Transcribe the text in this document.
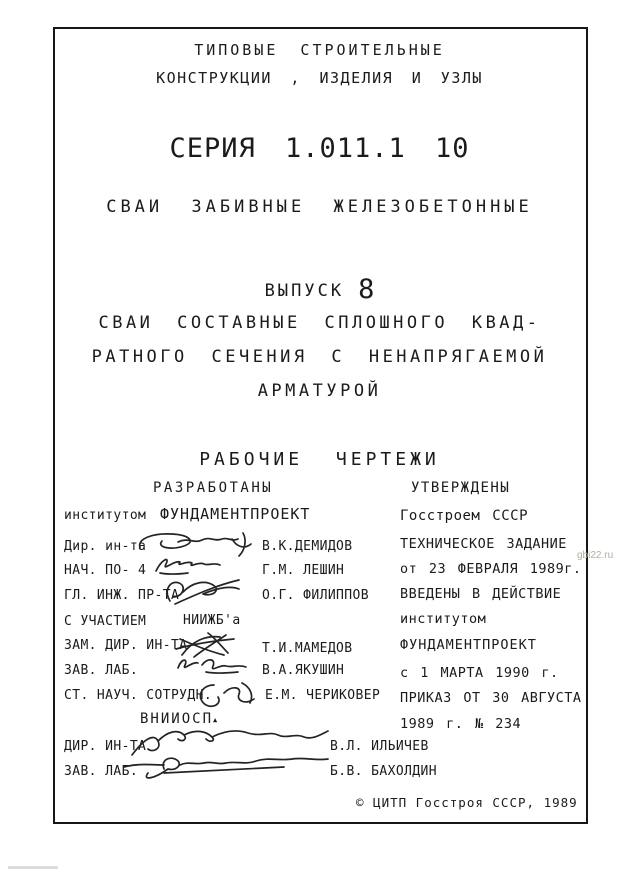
ТИПОВЫЕ СТРОИТЕЛЬНЫЕ
КОНСТРУКЦИИ , ИЗДЕЛИЯ И УЗЛЫ
СЕРИЯ 1.011.1 10
СВАИ ЗАБИВНЫЕ ЖЕЛЕЗОБЕТОННЫЕ
ВЫПУСК 8
СВАИ СОСТАВНЫЕ СПЛОШНОГО КВАД-
РАТНОГО СЕЧЕНИЯ С НЕНАПРЯГАЕМОЙ
АРМАТУРОЙ
РАБОЧИЕ ЧЕРТЕЖИ
РАЗРАБОТАНЫ	УТВЕРЖДЕНЫ
институтом ФУНДАМЕНТПРОЕКТ
Дир. ин-та	В.К.ДЕМИДОВ
НАЧ. ПО- 4	Г.М. ЛЕШИН
ГЛ. ИНЖ. ПР-ТА	О.Г. ФИЛИППОВ
С УЧАСТИЕМ	НИИЖБ'а
ЗАМ. ДИР. ИН-ТА	Т.И.МАМЕДОВ
ЗАВ. ЛАБ.	В.А.ЯКУШИН
СТ. НАУЧ. СОТРУДН.	Е.М. ЧЕРИКОВЕР
ВНИИОСП▲
ДИР. ИН-ТА	В.Л. ИЛЬИЧЕВ
ЗАВ. ЛАБ.	Б.В. БАХОЛДИН
Госстроем СССР
ТЕХНИЧЕСКОЕ ЗАДАНИЕ
от 23 ФЕВРАЛЯ 1989г.
ВВЕДЕНЫ В ДЕЙСТВИЕ
институтом
ФУНДАМЕНТПРОЕКТ
с 1 МАРТА 1990 г.
ПРИКАЗ ОТ 30 АВГУСТА
1989 г. № 234
© ЦИТП Госстроя СССР, 1989
gbi22.ru
